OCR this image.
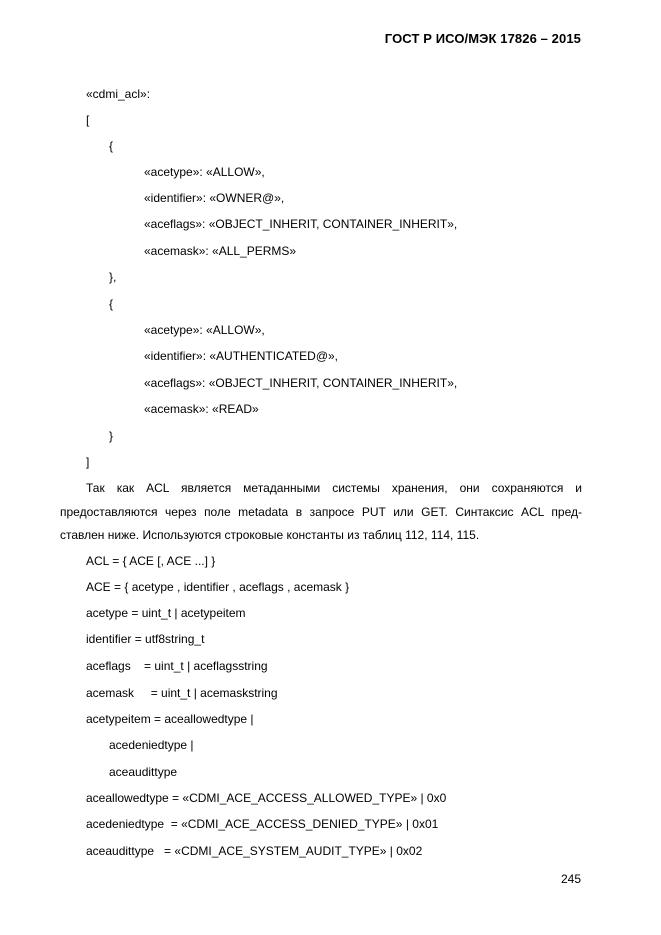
ГОСТ Р ИСО/МЭК 17826 – 2015
«cdmi_acl»:
[
{
«acetype»: «ALLOW»,
«identifier»: «OWNER@»,
«aceflags»: «OBJECT_INHERIT, CONTAINER_INHERIT»,
«acemask»: «ALL_PERMS»
},
{
«acetype»: «ALLOW»,
«identifier»: «AUTHENTICATED@»,
«aceflags»: «OBJECT_INHERIT, CONTAINER_INHERIT»,
«acemask»: «READ»
}
]
Так как ACL является метаданными системы хранения, они сохраняются и
предоставляются через поле metadata в запросе PUT или GET. Синтаксис ACL пред-
ставлен ниже. Используются строковые константы из таблиц 112, 114, 115.
ACL = { ACE [, ACE ...] }
ACE = { acetype , identifier , aceflags , acemask }
acetype = uint_t | acetypeitem
identifier = utf8string_t
aceflags    = uint_t | aceflagsstring
acemask     = uint_t | acemaskstring
acetypeitem = aceallowedtype |
acedeniedtype |
aceaudittype
aceallowedtype = «CDMI_ACE_ACCESS_ALLOWED_TYPE» | 0x0
acedeniedtype  = «CDMI_ACE_ACCESS_DENIED_TYPE» | 0x01
aceaudittype   = «CDMI_ACE_SYSTEM_AUDIT_TYPE» | 0x02
245
